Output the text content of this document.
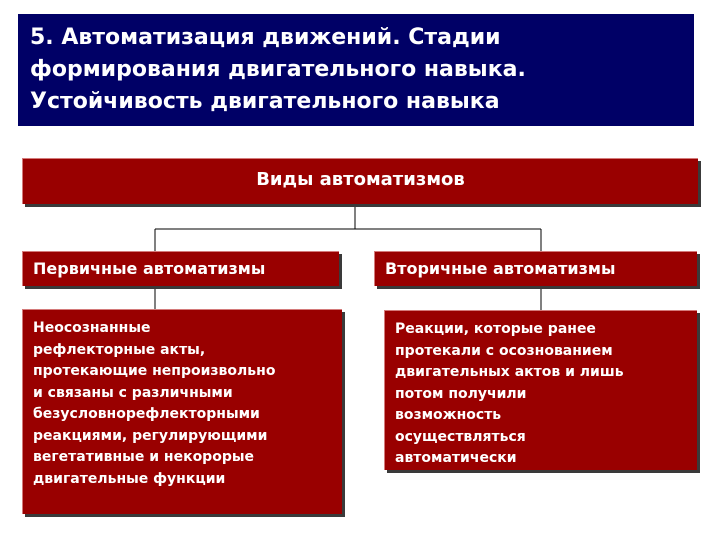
5. Автоматизация движений. Стадии
формирования двигательного навыка.
Устойчивость двигательного навыка
Виды автоматизмов
Первичные автоматизмы	Вторичные автоматизмы
Неосознанные
рефлекторные акты,
протекающие непроизвольно
и связаны с различными
безусловнорефлекторными
реакциями, регулирующими
вегетативные и некорорые
двигательные функции
Реакции, которые ранее
протекали с осознованием
двигательных актов и лишь
потом получили
возможность
осуществляться
автоматически
